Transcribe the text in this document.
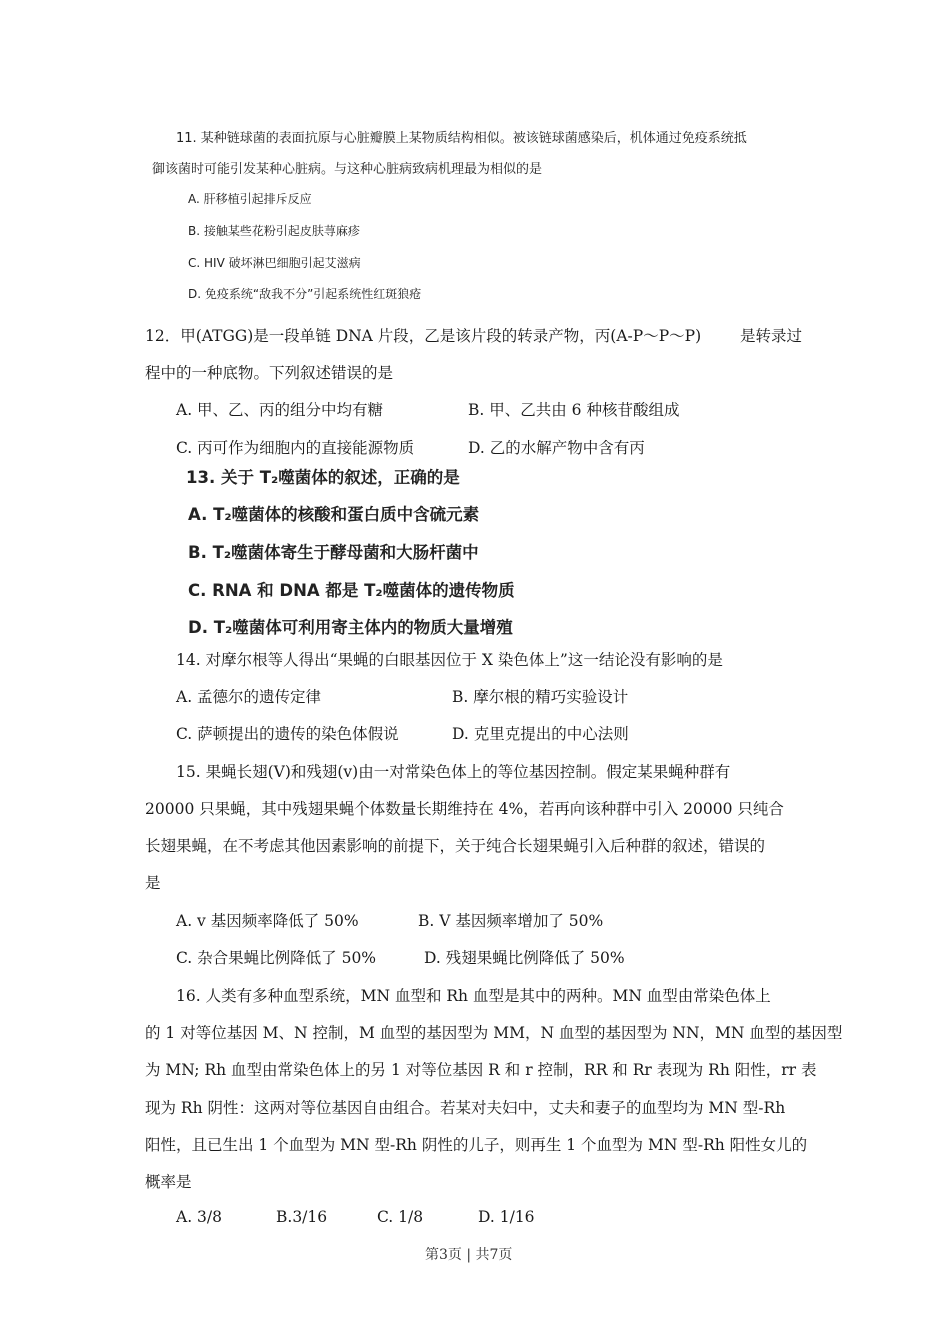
11. 某种链球菌的表面抗原与心脏瓣膜上某物质结构相似。被该链球菌感染后，机体通过免疫系统抵
御该菌时可能引发某种心脏病。与这种心脏病致病机理最为相似的是
A. 肝移植引起排斥反应
B. 接触某些花粉引起皮肤荨麻疹
C. HIV 破坏淋巴细胞引起艾滋病
D. 免疫系统“敌我不分”引起系统性红斑狼疮
12．甲(ATGG)是一段单链 DNA 片段，乙是该片段的转录产物，丙(A-P～P～P)	是转录过
程中的一种底物。下列叙述错误的是
A. 甲、乙、丙的组分中均有糖	B. 甲、乙共由 6 种核苷酸组成
C. 丙可作为细胞内的直接能源物质	D. 乙的水解产物中含有丙
13. 关于 T₂噬菌体的叙述，正确的是
A. T₂噬菌体的核酸和蛋白质中含硫元素
B. T₂噬菌体寄生于酵母菌和大肠杆菌中
C. RNA 和 DNA 都是 T₂噬菌体的遗传物质
D. T₂噬菌体可利用寄主体内的物质大量增殖
14. 对摩尔根等人得出“果蝇的白眼基因位于 X 染色体上”这一结论没有影响的是
A. 孟德尔的遗传定律	B. 摩尔根的精巧实验设计
C. 萨顿提出的遗传的染色体假说	D. 克里克提出的中心法则
15. 果蝇长翅(V)和残翅(v)由一对常染色体上的等位基因控制。假定某果蝇种群有
20000 只果蝇，其中残翅果蝇个体数量长期维持在 4%，若再向该种群中引入 20000 只纯合
长翅果蝇，在不考虑其他因素影响的前提下，关于纯合长翅果蝇引入后种群的叙述，错误的
是
A. v 基因频率降低了 50%	B. V 基因频率增加了 50%
C. 杂合果蝇比例降低了 50%	D. 残翅果蝇比例降低了 50%
16. 人类有多种血型系统，MN 血型和 Rh 血型是其中的两种。MN 血型由常染色体上
的 1 对等位基因 M、N 控制，M 血型的基因型为 MM，N 血型的基因型为 NN，MN 血型的基因型
为 MN; Rh 血型由常染色体上的另 1 对等位基因 R 和 r 控制，RR 和 Rr 表现为 Rh 阳性，rr 表
现为 Rh 阴性：这两对等位基因自由组合。若某对夫妇中，丈夫和妻子的血型均为 MN 型-Rh
阳性，且已生出 1 个血型为 MN 型-Rh 阴性的儿子，则再生 1 个血型为 MN 型-Rh 阳性女儿的
概率是
A. 3/8	B.3/16	C. 1/8	D. 1/16
第3页 | 共7页
